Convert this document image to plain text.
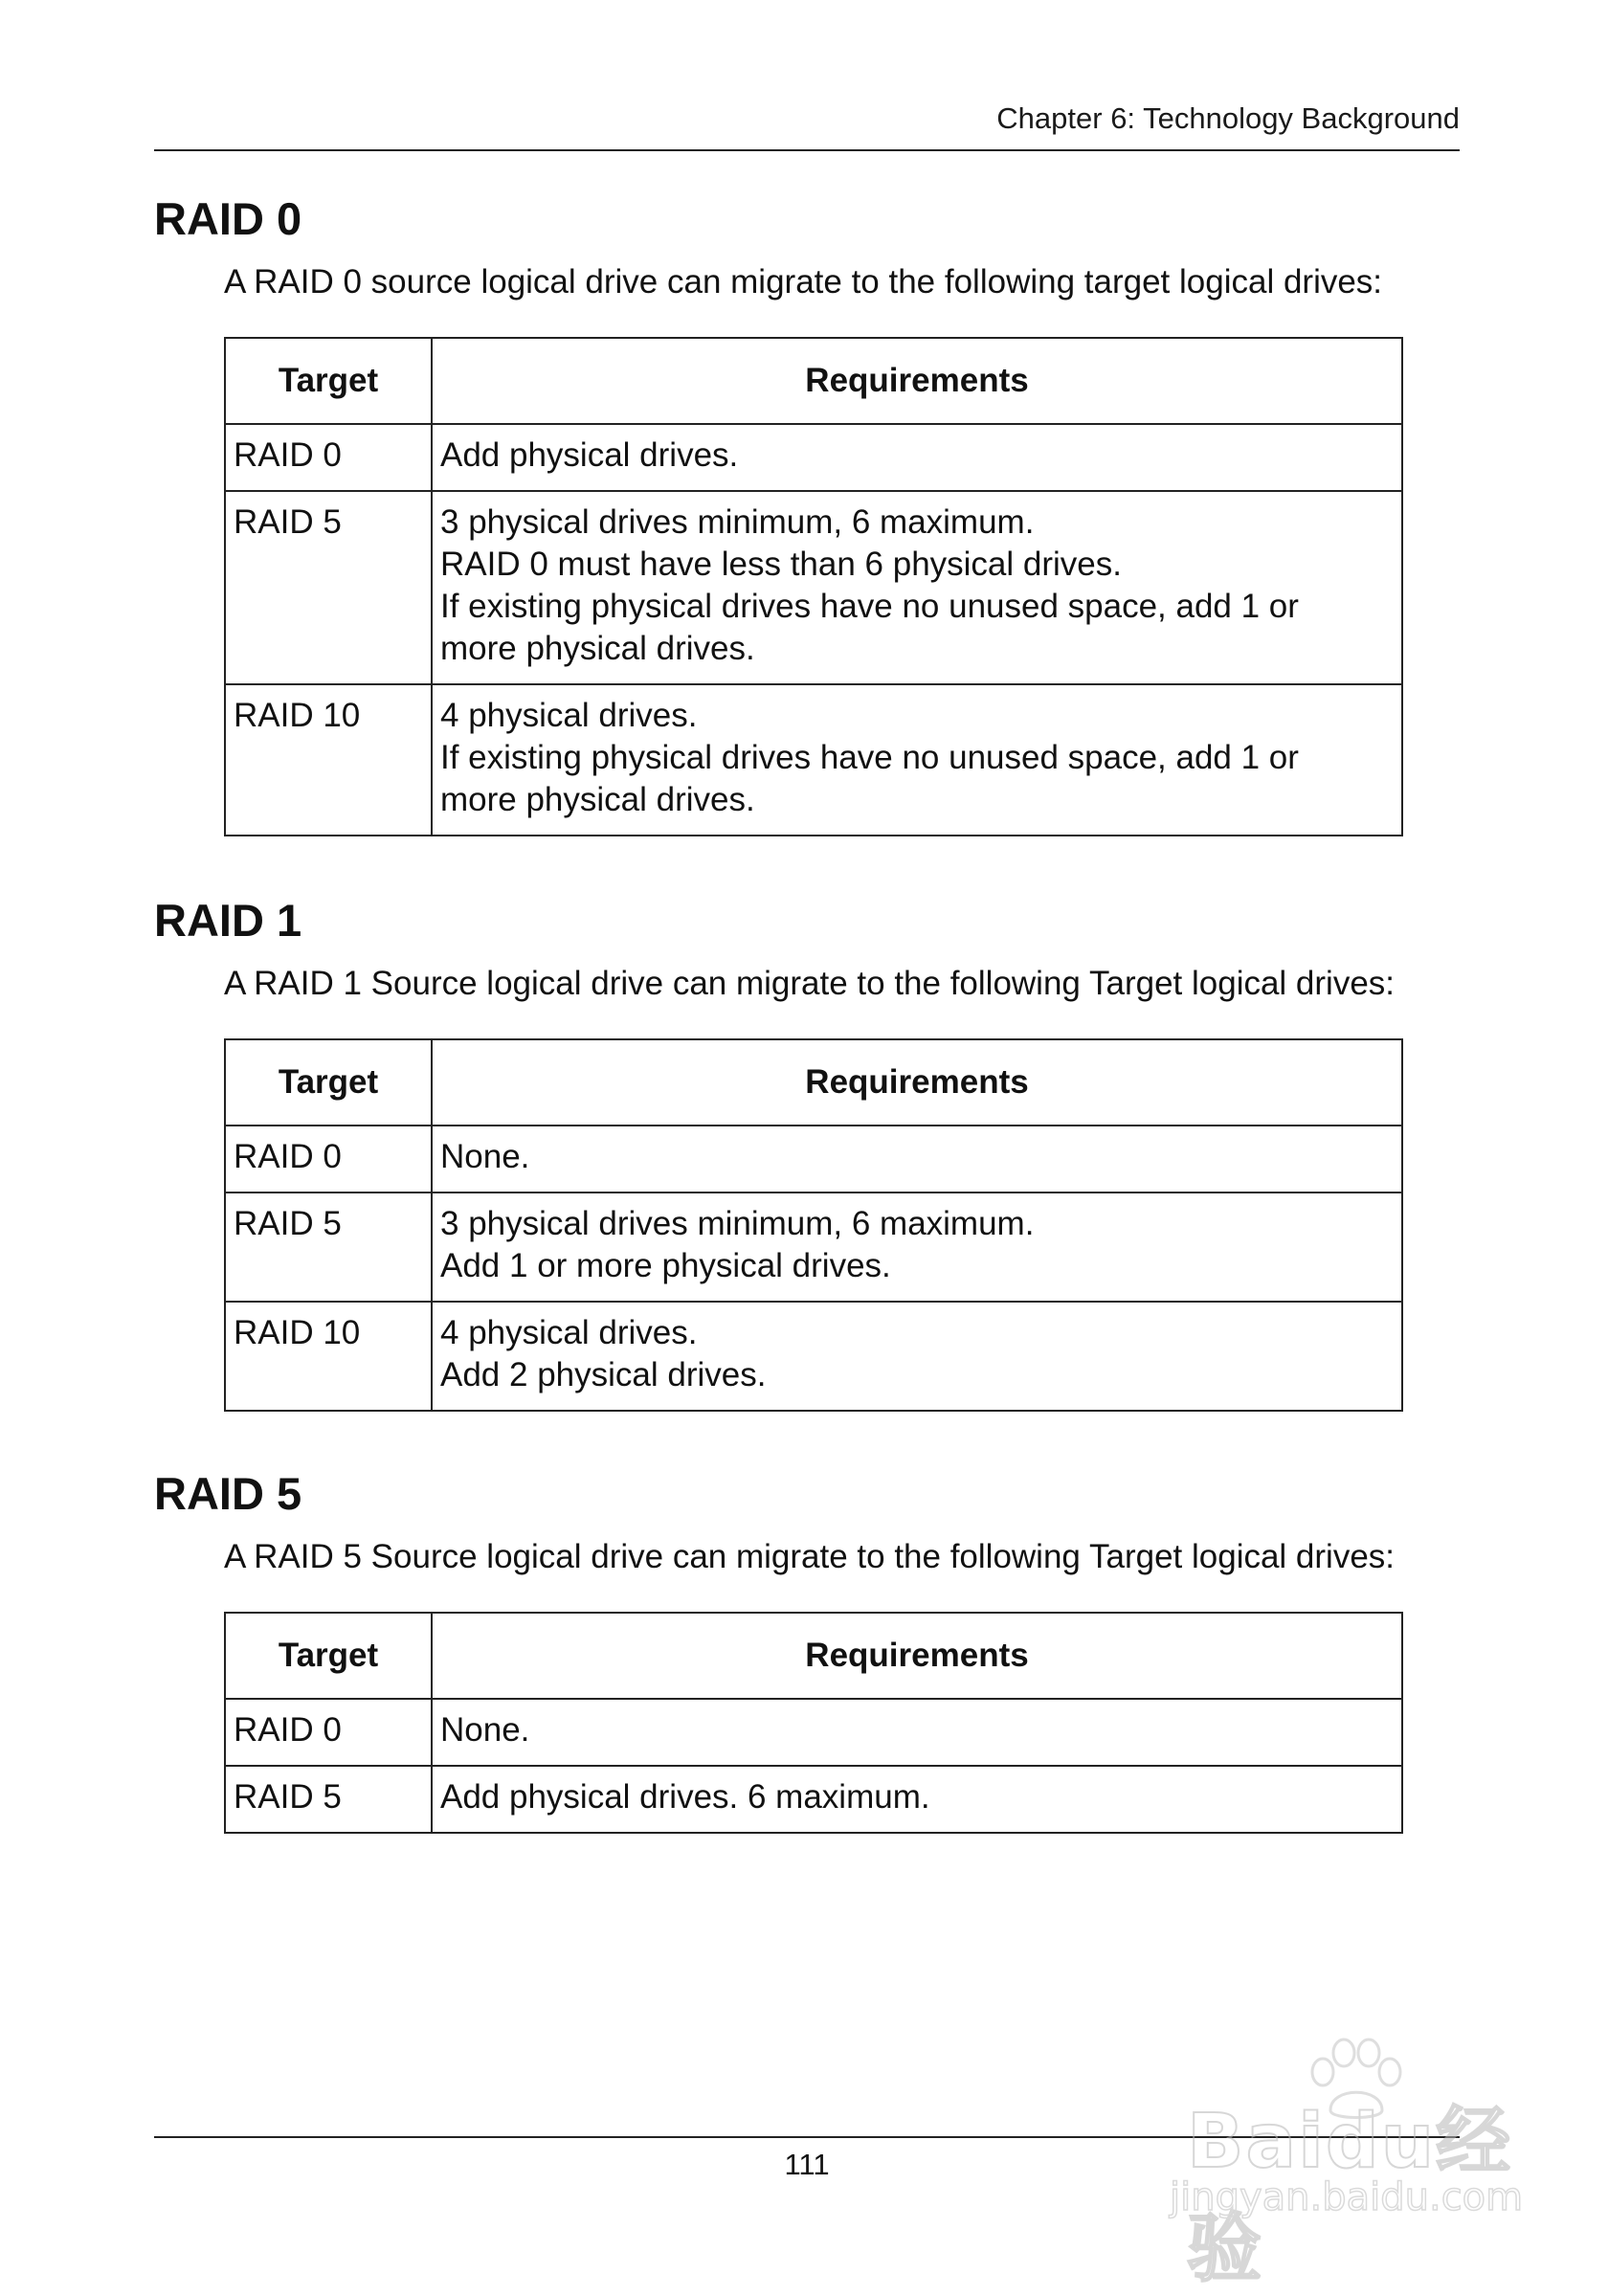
Chapter 6: Technology Background
RAID 0

A RAID 0 source logical drive can migrate to the following target logical drives:

Target	Requirements
RAID 0	Add physical drives.

RAID 5	3 physical drives minimum, 6 maximum.
RAID 0 must have less than 6 physical drives.
If existing physical drives have no unused space, add 1 or
more physical drives.

RAID 10	4 physical drives.
If existing physical drives have no unused space, add 1 or
more physical drives.
RAID 1

A RAID 1 Source logical drive can migrate to the following Target logical drives:

Target	Requirements
RAID 0	None.

RAID 5	3 physical drives minimum, 6 maximum.
Add 1 or more physical drives.

RAID 10	4 physical drives.
Add 2 physical drives.
RAID 5

A RAID 5 Source logical drive can migrate to the following Target logical drives:

Target	Requirements
RAID 0	None.

RAID 5	Add physical drives. 6 maximum.
111	Baidu经验
jingyan.baidu.com
